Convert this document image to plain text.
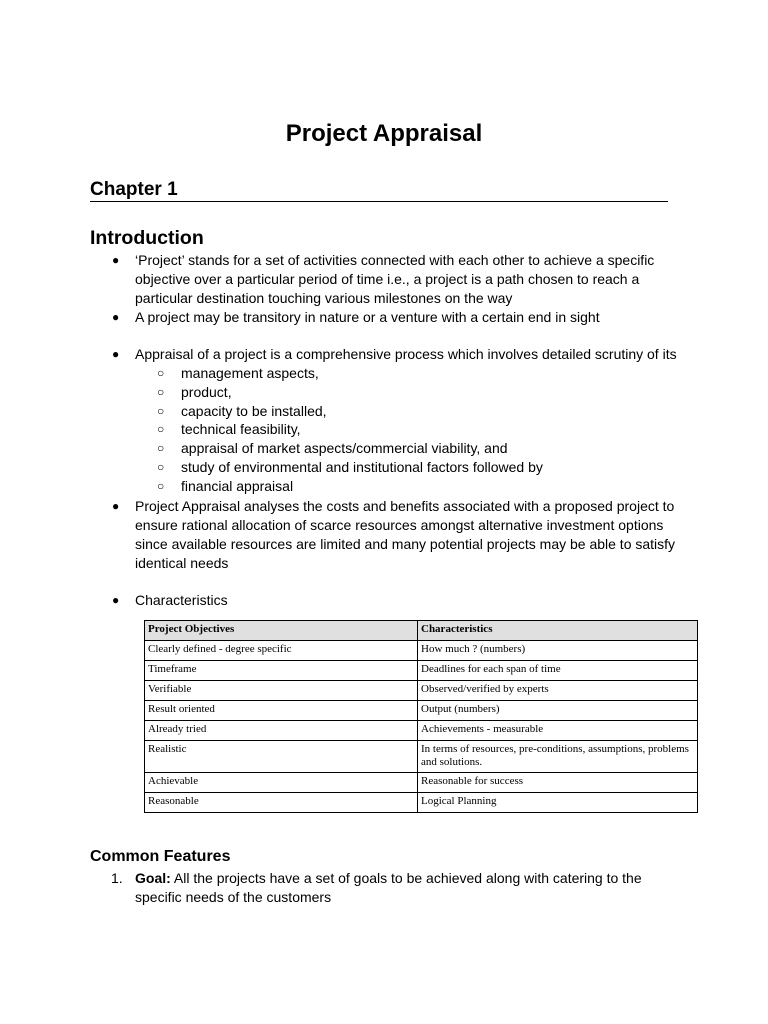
Project Appraisal
Chapter 1
Introduction
●	‘Project’ stands for a set of activities connected with each other to achieve a specific objective over a particular period of time i.e., a project is a path chosen to reach a particular destination touching various milestones on the way
●	A project may be transitory in nature or a venture with a certain end in sight
●	Appraisal of a project is a comprehensive process which involves detailed scrutiny of its
○ management aspects,
○ product,
○ capacity to be installed,
○ technical feasibility,
○ appraisal of market aspects/commercial viability, and
○ study of environmental and institutional factors followed by
○ financial appraisal
●	Project Appraisal analyses the costs and benefits associated with a proposed project to ensure rational allocation of scarce resources amongst alternative investment options since available resources are limited and many potential projects may be able to satisfy identical needs
●	Characteristics
Project Objectives	Characteristics
Clearly defined - degree specific	How much ? (numbers)
Timeframe	Deadlines for each span of time
Verifiable	Observed/verified by experts
Result oriented	Output (numbers)
Already tried	Achievements - measurable
Realistic	In terms of resources, pre-conditions, assumptions, problems and solutions.
Achievable	Reasonable for success
Reasonable	Logical Planning
Common Features
1. Goal: All the projects have a set of goals to be achieved along with catering to the specific needs of the customers
